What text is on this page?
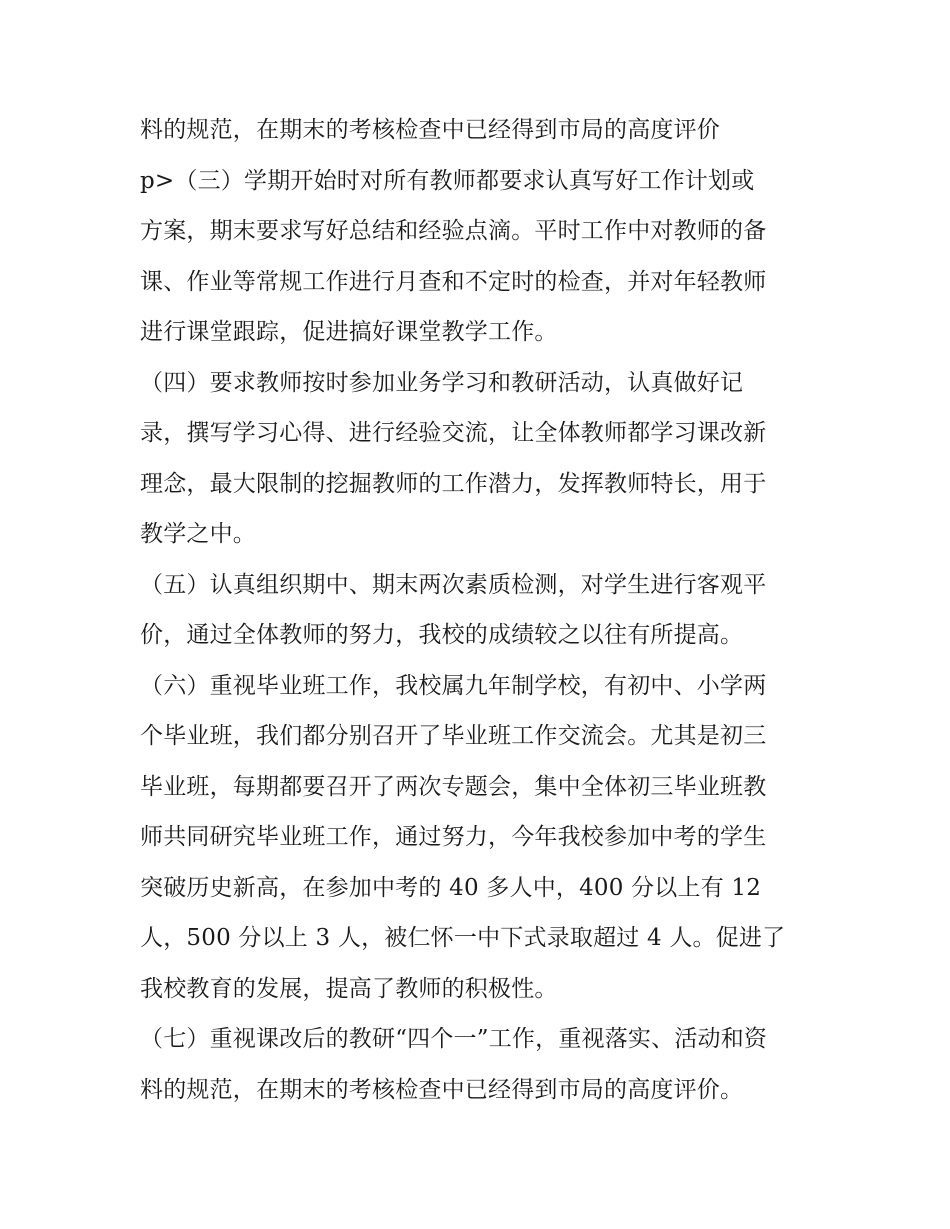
料的规范，在期末的考核检查中已经得到市局的高度评价

p>（三）学期开始时对所有教师都要求认真写好工作计划或

方案，期末要求写好总结和经验点滴。平时工作中对教师的备

课、作业等常规工作进行月查和不定时的检查，并对年轻教师

进行课堂跟踪，促进搞好课堂教学工作。

（四）要求教师按时参加业务学习和教研活动，认真做好记

录，撰写学习心得、进行经验交流，让全体教师都学习课改新

理念，最大限制的挖掘教师的工作潜力，发挥教师特长，用于

教学之中。

（五）认真组织期中、期末两次素质检测，对学生进行客观平

价，通过全体教师的努力，我校的成绩较之以往有所提高。

（六）重视毕业班工作，我校属九年制学校，有初中、小学两

个毕业班，我们都分别召开了毕业班工作交流会。尤其是初三

毕业班，每期都要召开了两次专题会，集中全体初三毕业班教

师共同研究毕业班工作，通过努力，今年我校参加中考的学生

突破历史新高，在参加中考的 40 多人中，400 分以上有 12

人，500 分以上 3 人，被仁怀一中下式录取超过 4 人。促进了

我校教育的发展，提高了教师的积极性。

（七）重视课改后的教研“四个一”工作，重视落实、活动和资

料的规范，在期末的考核检查中已经得到市局的高度评价。
